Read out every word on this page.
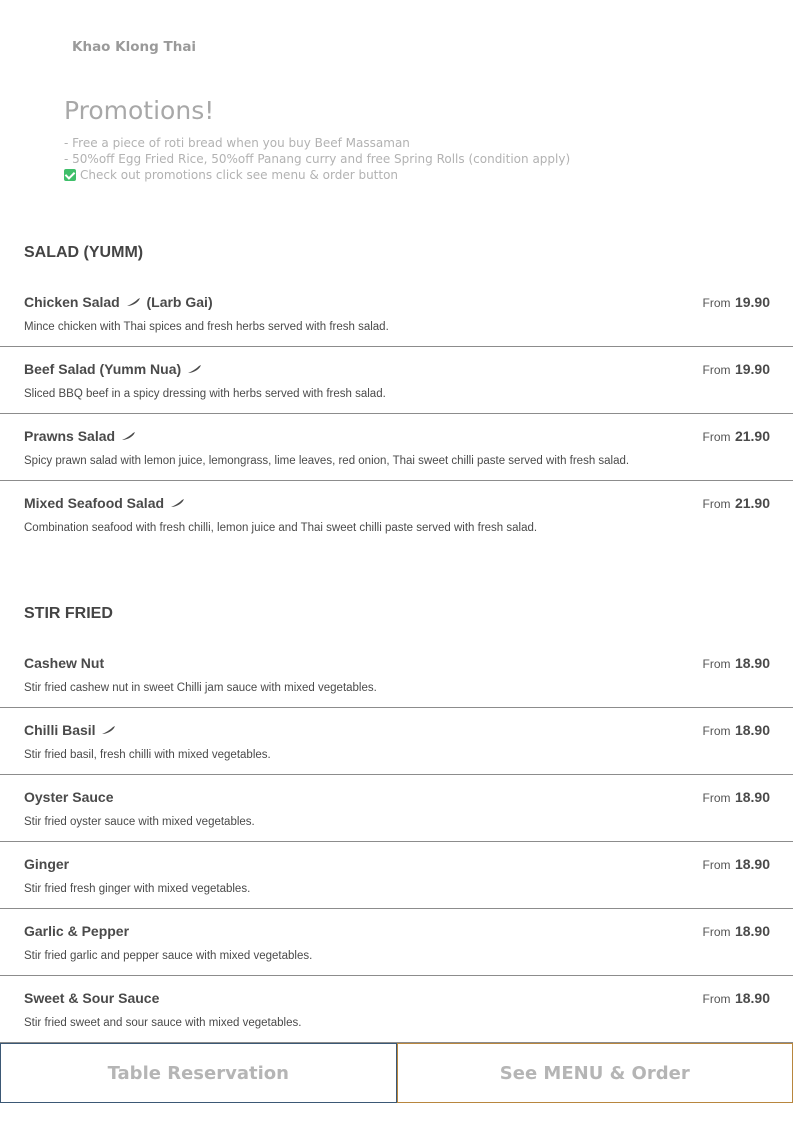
Khao Klong Thai
Promotions!
- Free a piece of roti bread when you buy Beef Massaman
- 50%off Egg Fried Rice, 50%off Panang curry and free Spring Rolls (condition apply)
Check out promotions click see menu & order button
SALAD (YUMM)
Chicken Salad (Larb Gai)
Mince chicken with Thai spices and fresh herbs served with fresh salad.
From 19.90
Beef Salad (Yumm Nua)
Sliced BBQ beef in a spicy dressing with herbs served with fresh salad.
From 19.90
Prawns Salad
Spicy prawn salad with lemon juice, lemongrass, lime leaves, red onion, Thai sweet chilli paste served with fresh salad.
From 21.90
Mixed Seafood Salad
Combination seafood with fresh chilli, lemon juice and Thai sweet chilli paste served with fresh salad.
From 21.90
STIR FRIED
Cashew Nut
Stir fried cashew nut in sweet Chilli jam sauce with mixed vegetables.
From 18.90
Chilli Basil
Stir fried basil, fresh chilli with mixed vegetables.
From 18.90
Oyster Sauce
Stir fried oyster sauce with mixed vegetables.
From 18.90
Ginger
Stir fried fresh ginger with mixed vegetables.
From 18.90
Garlic & Pepper
Stir fried garlic and pepper sauce with mixed vegetables.
From 18.90
Sweet & Sour Sauce
Stir fried sweet and sour sauce with mixed vegetables.
From 18.90
Table Reservation	See MENU & Order
